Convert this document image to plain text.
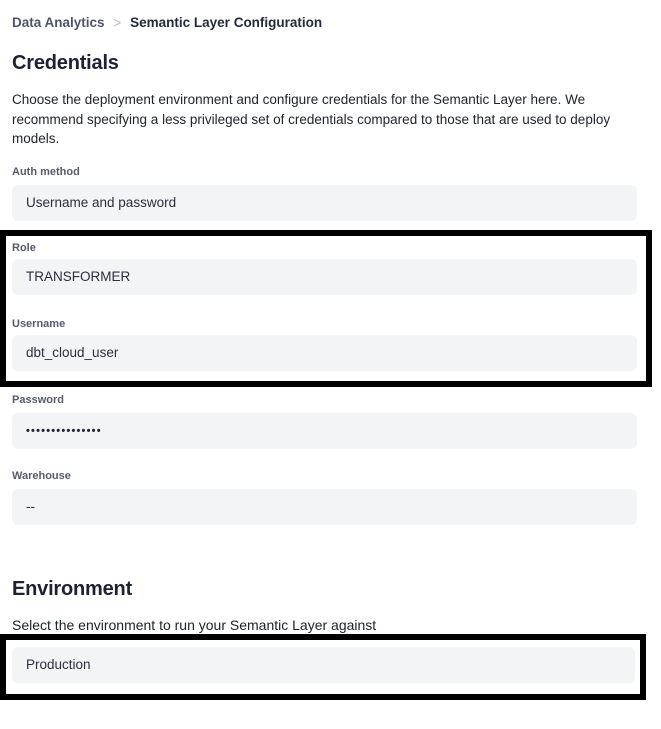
Data Analytics > Semantic Layer Configuration
Credentials
Choose the deployment environment and configure credentials for the Semantic Layer here. We
recommend specifying a less privileged set of credentials compared to those that are used to deploy
models.
Auth method
Username and password
Role
TRANSFORMER
Username
dbt_cloud_user
Password
•••••••••••••••
Warehouse
--
Environment
Select the environment to run your Semantic Layer against
Production
